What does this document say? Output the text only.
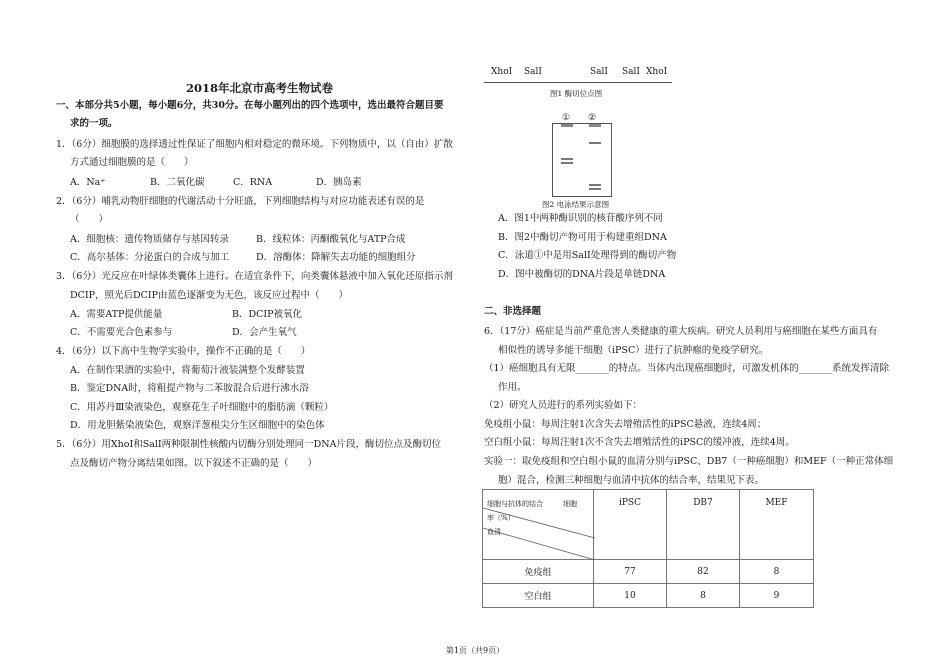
2018年北京市高考生物试卷
一、本部分共5小题，每小题6分，共30分。在每小题列出的四个选项中，选出最符合题目要
求的一项。
1．（6分）细胞膜的选择透过性保证了细胞内相对稳定的微环境。下列物质中，以（自由）扩散
方式通过细胞膜的是（　　）
A．Na⁺	B．二氧化碳	C．RNA	D．胰岛素
2．（6分）哺乳动物肝细胞的代谢活动十分旺盛，下列细胞结构与对应功能表述有误的是
（　　）
A．细胞核：遗传物质储存与基因转录	B．线粒体：丙酮酸氧化与ATP合成
C．高尔基体：分泌蛋白的合成与加工	D．溶酶体：降解失去功能的细胞组分
3．（6分）光反应在叶绿体类囊体上进行。在适宜条件下，向类囊体悬液中加入氧化还原指示剂
DCIP，照光后DCIP由蓝色逐渐变为无色，该反应过程中（　　）
A．需要ATP提供能量	B．DCIP被氧化
C．不需要光合色素参与	D．会产生氧气
4．（6分）以下高中生物学实验中，操作不正确的是（　　）
A．在制作果酒的实验中，将葡萄汁液装满整个发酵装置
B．鉴定DNA时，将粗提产物与二苯胺混合后进行沸水浴
C．用苏丹Ⅲ染液染色，观察花生子叶细胞中的脂肪滴（颗粒）
D．用龙胆紫染液染色，观察洋葱根尖分生区细胞中的染色体
5．（6分）用XhoⅠ和SalⅠ两种限制性核酸内切酶分别处理同一DNA片段，酶切位点及酶切位
点及酶切产物分离结果如图。以下叙述不正确的是（　　）
XhoⅠ SalⅠ	SalⅠ SalⅠ XhoⅠ
图1 酶切位点图
① ②
图2 电泳结果示意图
A．图1中两种酶识别的核苷酸序列不同
B．图2中酶切产物可用于构建重组DNA
C．泳道①中是用SalⅠ处理得到的酶切产物
D．图中被酶切的DNA片段是单链DNA
二、非选择题
6．（17分）癌症是当前严重危害人类健康的重大疾病。研究人员利用与癌细胞在某些方面具有
相似性的诱导多能干细胞（iPSC）进行了抗肿瘤的免疫学研究。
（1）癌细胞具有无限_______的特点。当体内出现癌细胞时，可激发机体的_______系统发挥清除
作用。
（2）研究人员进行的系列实验如下：
免疫组小鼠：每周注射1次含失去增殖活性的iPSC悬液，连续4周；
空白组小鼠：每周注射1次不含失去增殖活性的iPSC的缓冲液，连续4周。
实验一：取免疫组和空白组小鼠的血清分别与iPSC、DB7（一种癌细胞）和MEF（一种正常体细
胞）混合，检测三种细胞与血清中抗体的结合率，结果见下表。
细胞与抗体的结合 细胞
率（%）
血清	iPSC	DB7	MEF
免疫组	77	82	8
空白组	10	8	9
第1页（共9页）
